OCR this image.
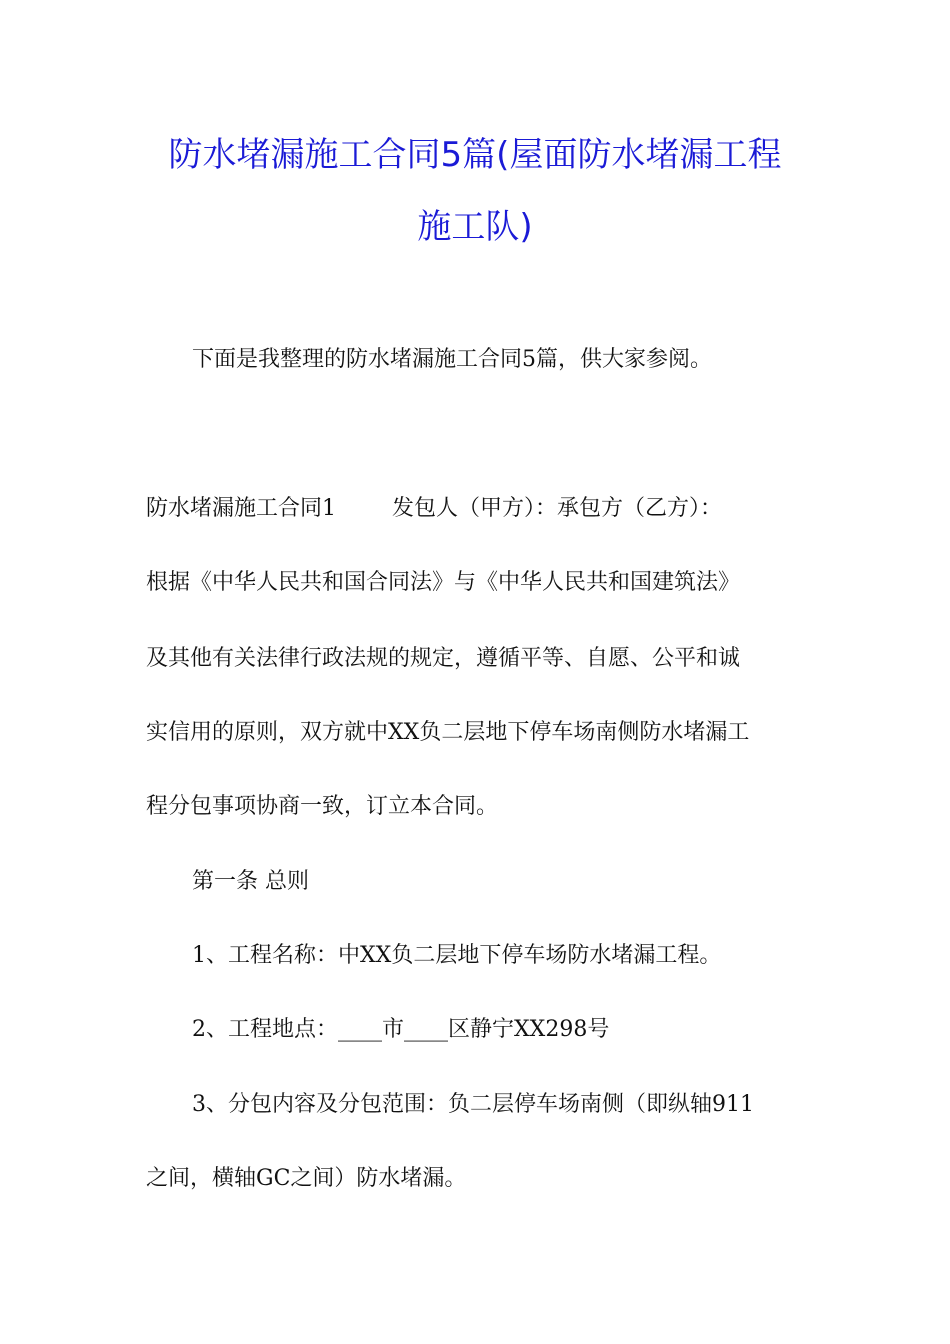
防水堵漏施工合同5篇(屋面防水堵漏工程
施工队)
下面是我整理的防水堵漏施工合同5篇，供大家参阅。
防水堵漏施工合同1	发包人（甲方）：承包方（乙方）：
根据《中华人民共和国合同法》与《中华人民共和国建筑法》
及其他有关法律行政法规的规定，遵循平等、自愿、公平和诚
实信用的原则，双方就中XX负二层地下停车场南侧防水堵漏工
程分包事项协商一致，订立本合同。
第一条 总则
1、工程名称：中XX负二层地下停车场防水堵漏工程。
2、工程地点：____市____区静宁XX298号
3、分包内容及分包范围：负二层停车场南侧（即纵轴911
之间，横轴GC之间）防水堵漏。
